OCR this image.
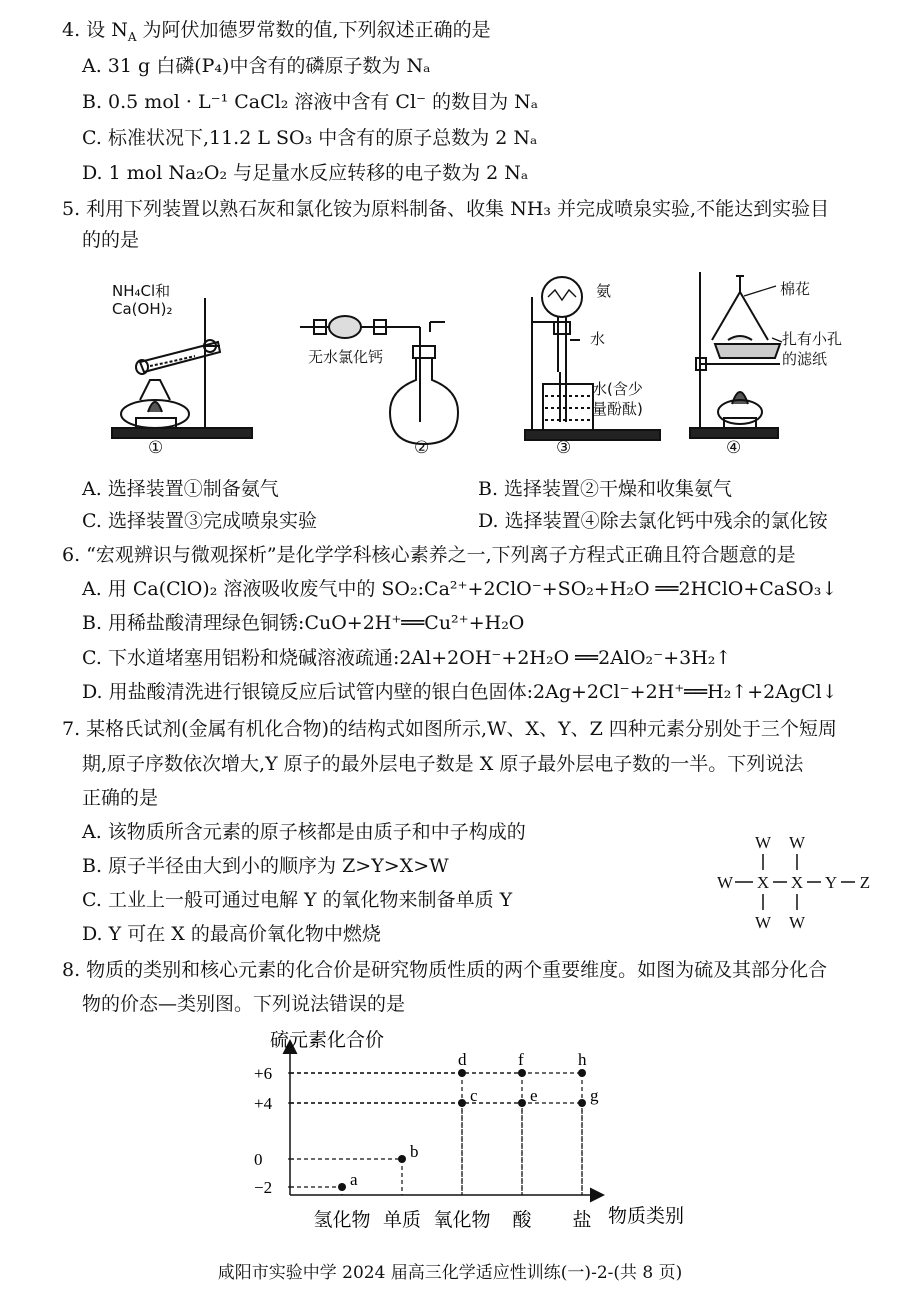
4. 设 $N_A$ 为阿伏加德罗常数的值,下列叙述正确的是
A. 31 g 白磷(P₄)中含有的磷原子数为 Nₐ
B. 0.5 mol · L⁻¹ CaCl₂ 溶液中含有 Cl⁻ 的数目为 Nₐ
C. 标准状况下,11.2 L SO₃ 中含有的原子总数为 2 Nₐ
D. 1 mol Na₂O₂ 与足量水反应转移的电子数为 2 Nₐ
5. 利用下列装置以熟石灰和氯化铵为原料制备、收集 NH₃ 并完成喷泉实验,不能达到实验目
的的是
NH₄Cl和
Ca(OH)₂
无水氯化钙
氨
水
水(含少
量酚酞)
棉花
扎有小孔
的滤纸
①	②	③	④
A. 选择装置①制备氨气	B. 选择装置②干燥和收集氨气
C. 选择装置③完成喷泉实验	D. 选择装置④除去氯化钙中残余的氯化铵
6. “宏观辨识与微观探析”是化学学科核心素养之一,下列离子方程式正确且符合题意的是
A. 用 Ca(ClO)₂ 溶液吸收废气中的 SO₂:Ca²⁺+2ClO⁻+SO₂+H₂O ══2HClO+CaSO₃↓
B. 用稀盐酸清理绿色铜锈:CuO+2H⁺══Cu²⁺+H₂O
C. 下水道堵塞用铝粉和烧碱溶液疏通:2Al+2OH⁻+2H₂O ══2AlO₂⁻+3H₂↑
D. 用盐酸清洗进行银镜反应后试管内壁的银白色固体:2Ag+2Cl⁻+2H⁺══H₂↑+2AgCl↓
7. 某格氏试剂(金属有机化合物)的结构式如图所示,W、X、Y、Z 四种元素分别处于三个短周
期,原子序数依次增大,Y 原子的最外层电子数是 X 原子最外层电子数的一半。下列说法
正确的是
A. 该物质所含元素的原子核都是由质子和中子构成的
B. 原子半径由大到小的顺序为 Z>Y>X>W
C. 工业上一般可通过电解 Y 的氧化物来制备单质 Y
D. Y 可在 X 的最高价氧化物中燃烧
W W
W X X Y Z
W W
8. 物质的类别和核心元素的化合价是研究物质性质的两个重要维度。如图为硫及其部分化合
物的价态—类别图。下列说法错误的是
硫元素化合价
物质类别
+6
+4
0
−2
氢化物 单质 氧化物 酸 盐
a
b
c
d
e
f
g
h
咸阳市实验中学 2024 届高三化学适应性训练(一)-2-(共 8 页)
